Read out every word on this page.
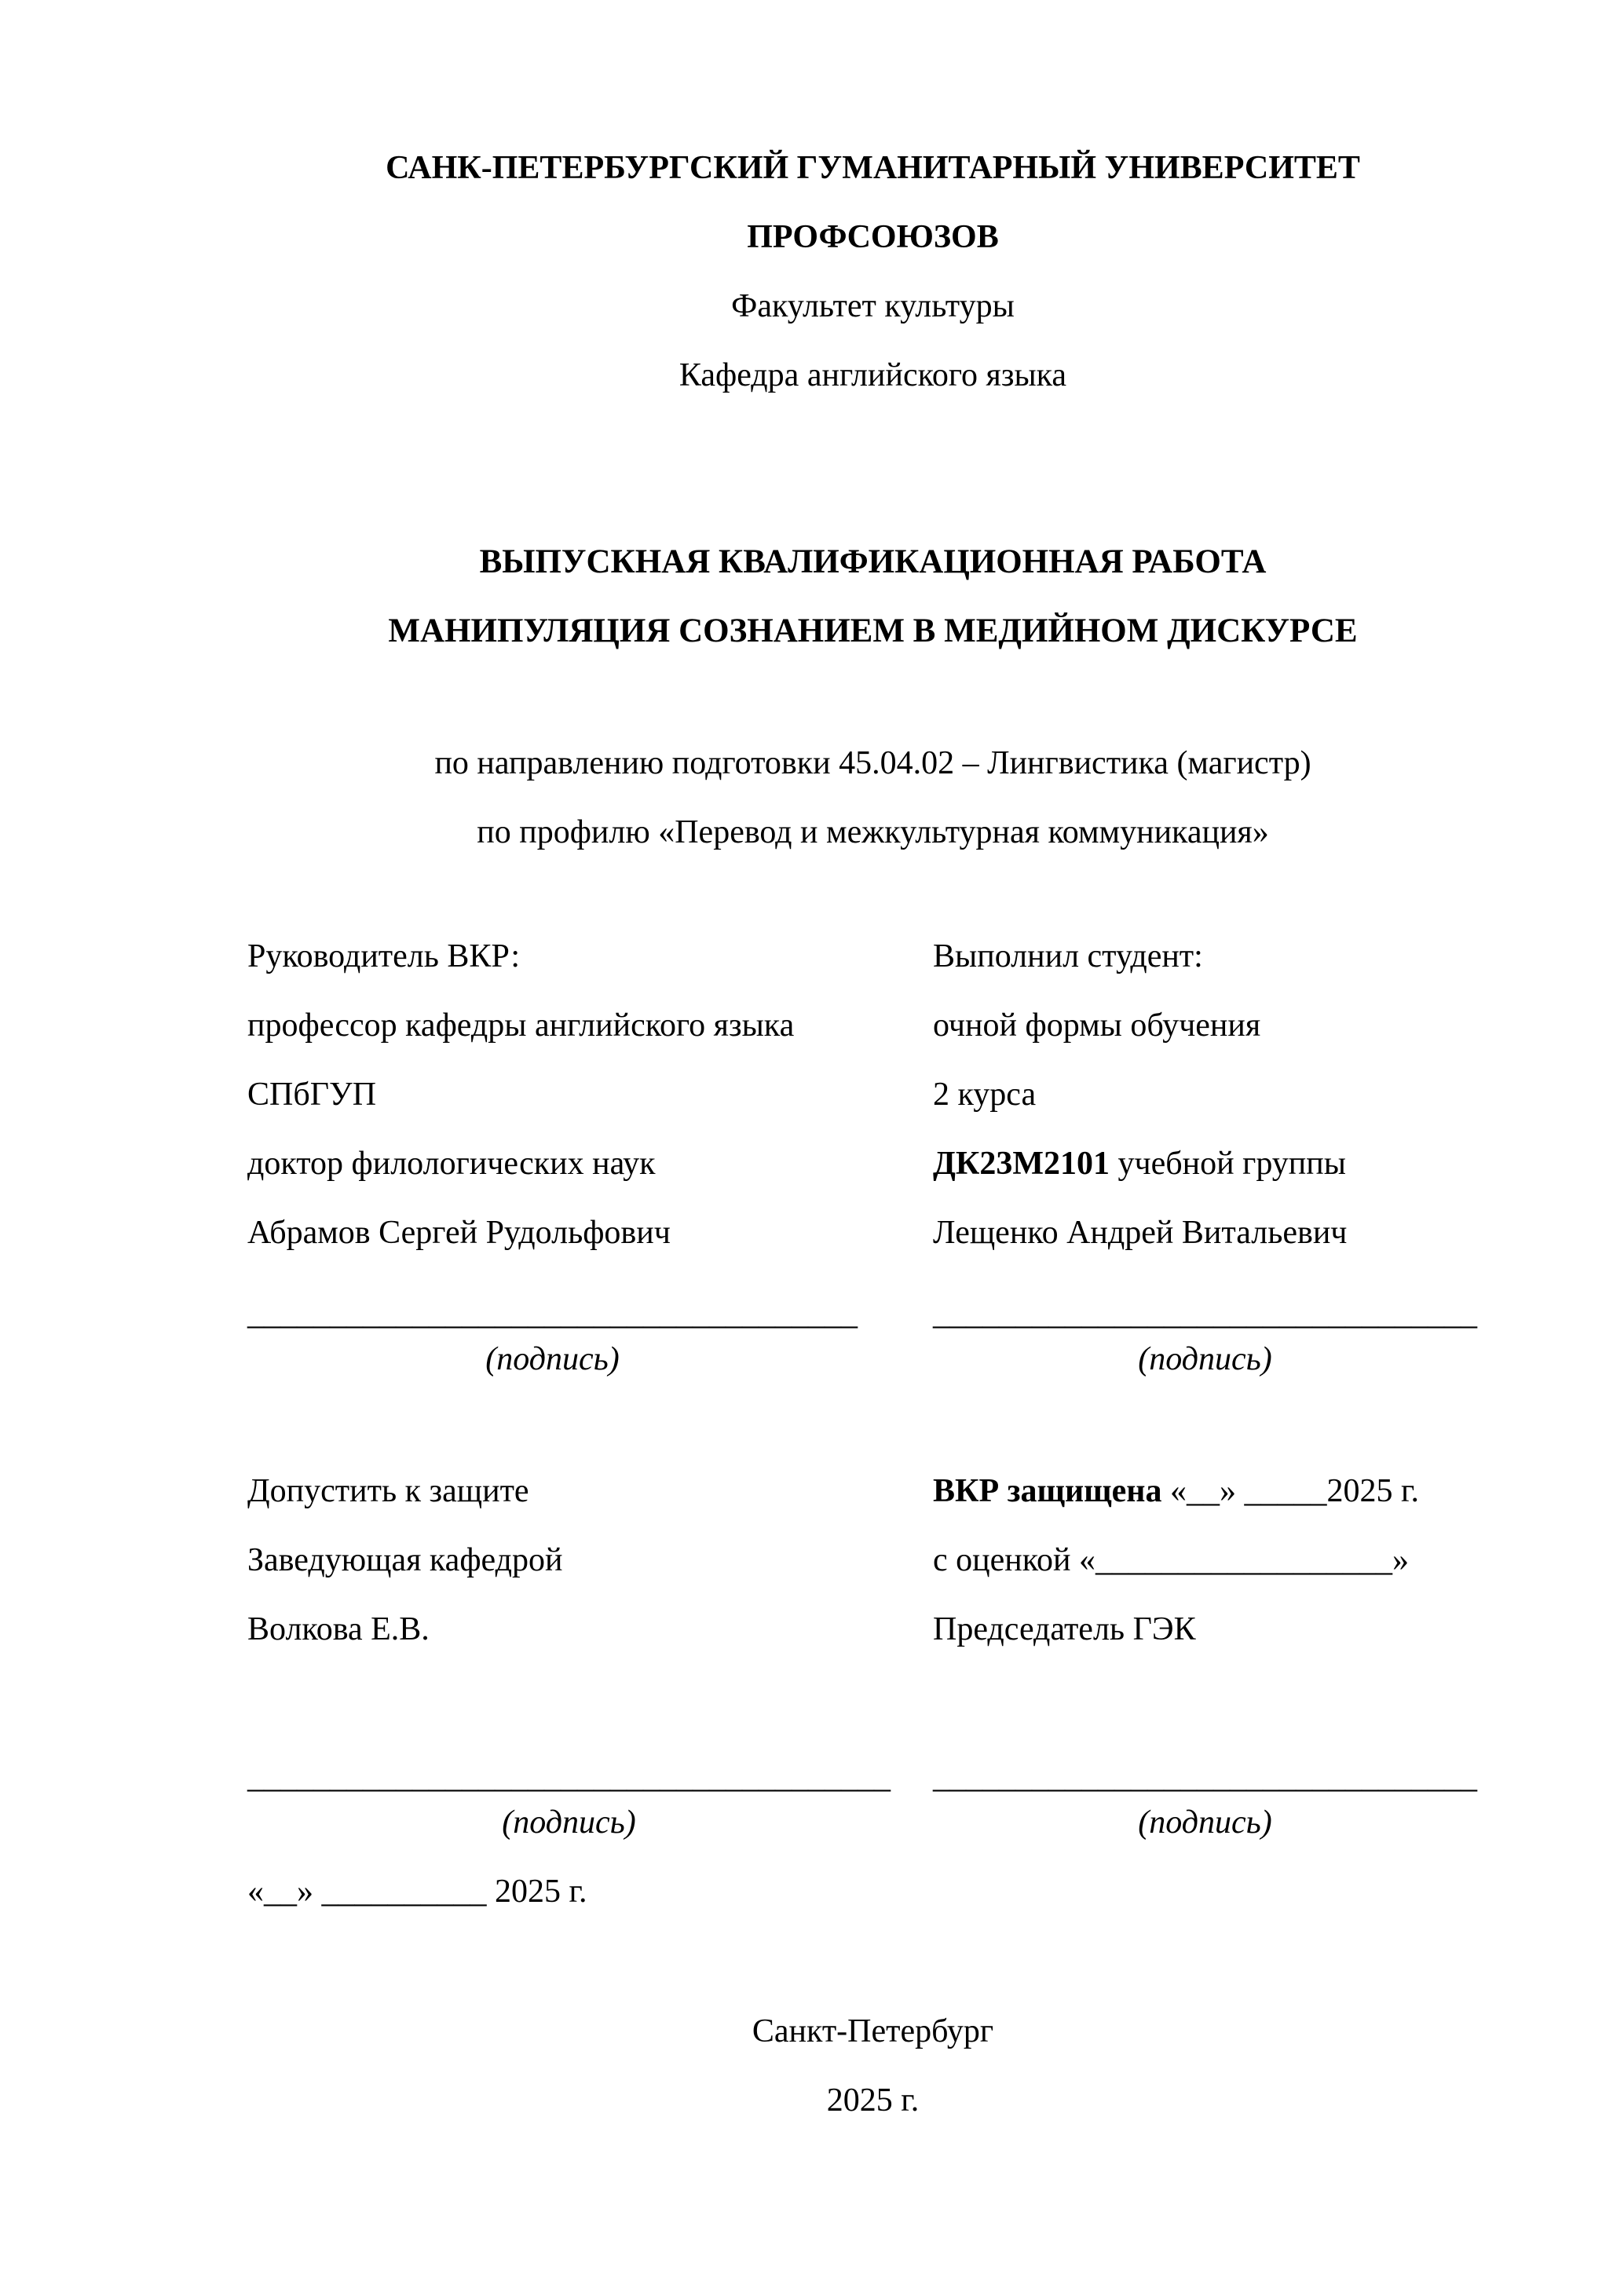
САНК-ПЕТЕРБУРГСКИЙ ГУМАНИТАРНЫЙ УНИВЕРСИТЕТ
ПРОФСОЮЗОВ
Факультет культуры
Кафедра английского языка
ВЫПУСКНАЯ КВАЛИФИКАЦИОННАЯ РАБОТА
МАНИПУЛЯЦИЯ СОЗНАНИЕМ В МЕДИЙНОМ ДИСКУРСЕ
по направлению подготовки 45.04.02 – Лингвистика (магистр)
по профилю «Перевод и межкультурная коммуникация»
Руководитель ВКР:
профессор кафедры английского языка
СПбГУП
доктор филологических наук
Абрамов Сергей Рудольфович
Выполнил студент:
очной формы обучения
2 курса
ДК23М2101 учебной группы
Лещенко Андрей Витальевич
_____________________________________
(подпись)
_________________________________
(подпись)
Допустить к защите
Заведующая кафедрой
Волкова Е.В.
ВКР защищена «__» _____2025 г.
с оценкой «__________________»
Председатель ГЭК
_______________________________________
(подпись)
_________________________________
(подпись)
«__» __________ 2025 г.
Санкт-Петербург
2025 г.
